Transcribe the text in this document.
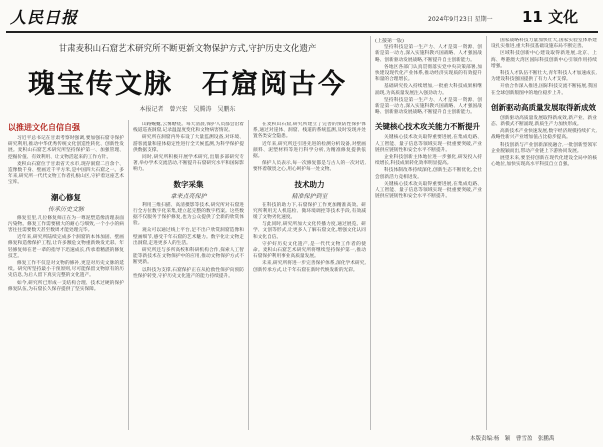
人民日报	2024年9月23日 星期一 11 文化
甘肃麦积山石窟艺术研究所不断更新文物保护方式,守护历史文化遗产
瑰宝传文脉　石窟阅古今
本报记者　曾兴宏　吴腾涛　吴鹏东
以推进文化自信自强

习近平总书记在甘肃考察时强调,要加强石窟寺保护研究利用,推动中华优秀传统文化创造性转化、创新性发展。麦积山石窟艺术研究所坚持保护第一、加强管理、挖掘价值、有效利用、让文物活起来的工作方针。

麦积山石窟位于甘肃省天水市,现存洞窟二百余个、造像数千身、壁画近千平方米,是中国四大石窟之一。多年来,研究所一代代文物工作者扎根山区,守护着这座艺术宝库。

潮心修复
传承历史文脉

修复室里,几位修复师正在为一尊泥塑造像清理表面污染物。修复工作需要极大的耐心与细致,一个小小的病害往往需要数天甚至数周才能处理完毕。

近年来,研究所陆续完成多个洞窟的本体加固、壁画修复和造像保护工程,让许多濒危文物重新焕发光彩。年轻修复师在老一辈的指导下迅速成长,传承着精湛的修复技艺。

修复工作不仅是对文物的修补,更是对历史文脉的延续。研究所坚持最小干预原则,尽可能保留文物原有的历史信息,为后人留下真实完整的文化遗产。

如今,研究所已形成一支结构合理、技术过硬的保护修复队伍,为石窟长久保存提供了坚实保障。

山路蜿蜒,云雾缭绕。每天清晨,保护人员都会沿着栈道巡查洞窟,记录温湿度变化和文物病害情况。

研究所在洞窟内外布设了大量监测设备,对环境、游客流量和崖体稳定性进行全天候监测,为科学保护提供数据支撑。

同时,研究所积极开展学术研究,出版多部研究专著,举办学术交流活动,不断提升石窟研究水平和国际影响力。

数字采集
拿来点亮保护

利用三维扫描、高清摄影等技术,研究所对石窟进行全方位数字化采集,建立起完整的数字档案。这些数据不仅服务于保护修复,也为公众提供了全新的欣赏体验。

观众可以通过线上平台,足不出户欣赏洞窟造像和壁画细节,感受千年石窟的艺术魅力。数字化让文物走出洞窟,走进更多人的生活。

研究所还与多所高校和科研机构合作,探索人工智能等新技术在文物保护中的应用,推动文物保护方式不断更新。

以科技为支撑,石窟保护正在从抢救性保护向预防性保护转变,守护历史文化遗产的能力持续提升。

在麦积山石窟,研究所建立了完善的预防性保护体系,通过对崖体、洞窟、栈道的系统监测,及时发现并处置各类安全隐患。

近年来,研究所还引进先进的检测分析设备,对壁画颜料、泥塑材料等进行科学分析,为精准修复提供依据。

保护人员表示,每一次修复都是与古人的一次对话,要怀着敬畏之心,用心呵护每一处文物。

技术助力
精准保护到室

在科技的助力下,石窟保护工作更加精准高效。研究所利用无人机巡检、微环境调控等技术手段,有效减缓了文物劣化速度。

与此同时,研究所加大文化传播力度,通过展览、研学、文创等形式,让更多人了解石窟文化,增强文化认同和文化自信。

守护好历史文化遗产,是一代代文物工作者的使命。麦积山石窟艺术研究所将继续坚持保护第一,推动石窟保护利用事业高质量发展。

未来,研究所将进一步完善保护体系,深化学术研究,创新传承方式,让千年石窟在新时代焕发新的光彩。

(上接第一版)

坚持科技是第一生产力、人才是第一资源、创新是第一动力,深入实施科教兴国战略、人才强国战略、创新驱动发展战略,不断提升自主创新能力。

各地区各部门认真贯彻落实党中央决策部署,加快建设现代化产业体系,推动经济实现质的有效提升和量的合理增长。

基础研究投入持续增加,一批重大科技成果相继涌现,为高质量发展注入强劲动力。

坚持科技是第一生产力、人才是第一资源、创新是第一动力,深入实施科教兴国战略、人才强国战略、创新驱动发展战略,不断提升自主创新能力。

关键核心技术攻关能力不断提升

关键核心技术攻关取得重要进展,在集成电路、人工智能、量子信息等领域实现一批重要突破,产业链供应链韧性和安全水平不断提升。

企业科技创新主体地位进一步强化,研发投入持续增长,科技成果转化效率明显提高。

科技体制改革持续深化,创新生态不断优化,全社会创新活力竞相迸发。

关键核心技术攻关取得重要进展,在集成电路、人工智能、量子信息等领域实现一批重要突破,产业链供应链韧性和安全水平不断提升。

国家战略科技力量加快壮大,国家实验室体系建设扎实推进,重大科技基础设施布局不断完善。

区域科技创新中心建设取得新进展,北京、上海、粤港澳大湾区国际科技创新中心引领作用持续增强。

科技人才队伍不断壮大,青年科技人才加速成长,为建设科技强国提供了有力人才支撑。

开放合作深入推进,国际科技交流不断拓展,我国在全球创新版图中的地位稳步上升。

创新驱动高质量发展取得新成效

创新驱动高质量发展取得新成效,新产业、新业态、新模式不断涌现,新质生产力加快形成。

高新技术产业快速发展,数字经济规模持续扩大,战略性新兴产业增加值占比稳步提高。

科技创新与产业创新深度融合,一批创新型领军企业脱颖而出,带动产业链上下游协同发展。

展望未来,要坚持创新在现代化建设全局中的核心地位,加快实现高水平科技自立自强。

本版责编:杨　颖　曹雪盈　张鹏禹
